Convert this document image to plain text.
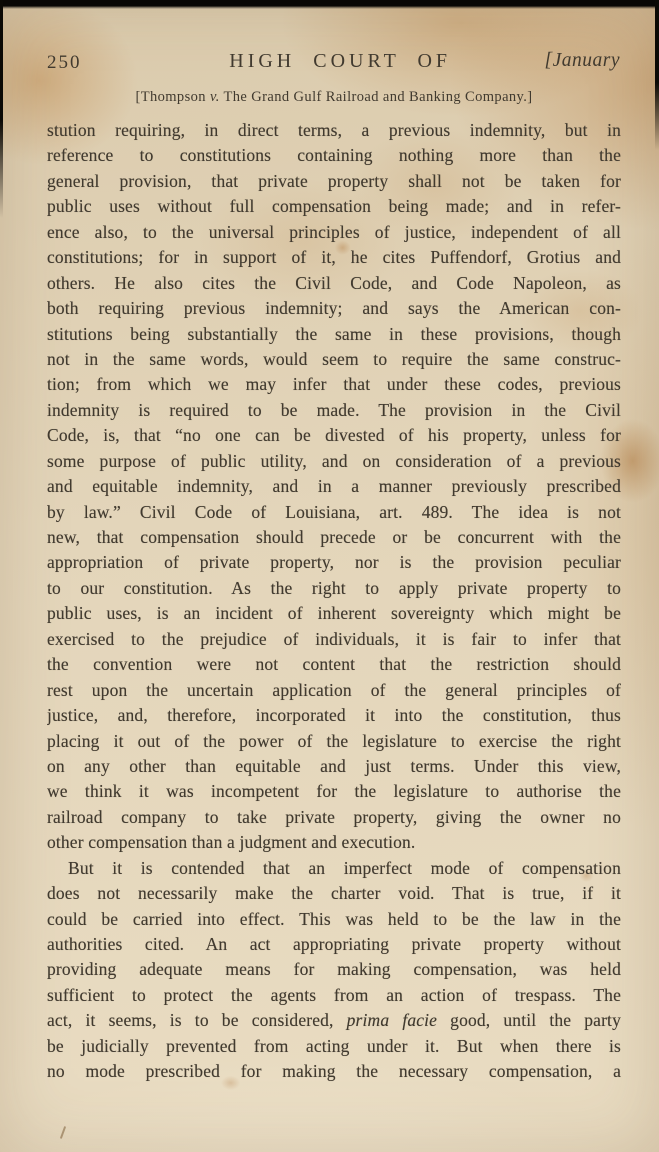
250	HIGH COURT OF	[January
[Thompson v. The Grand Gulf Railroad and Banking Company.]
stution requiring, in direct terms, a previous indemnity, but in
reference to constitutions containing nothing more than the
general provision, that private property shall not be taken for
public uses without full compensation being made; and in refer-
ence also, to the universal principles of justice, independent of all
constitutions; for in support of it, he cites Puffendorf, Grotius and
others. He also cites the Civil Code, and Code Napoleon, as
both requiring previous indemnity; and says the American con-
stitutions being substantially the same in these provisions, though
not in the same words, would seem to require the same construc-
tion; from which we may infer that under these codes, previous
indemnity is required to be made. The provision in the Civil
Code, is, that “no one can be divested of his property, unless for
some purpose of public utility, and on consideration of a previous
and equitable indemnity, and in a manner previously prescribed
by law.” Civil Code of Louisiana, art. 489. The idea is not
new, that compensation should precede or be concurrent with the
appropriation of private property, nor is the provision peculiar
to our constitution. As the right to apply private property to
public uses, is an incident of inherent sovereignty which might be
exercised to the prejudice of individuals, it is fair to infer that
the convention were not content that the restriction should
rest upon the uncertain application of the general principles of
justice, and, therefore, incorporated it into the constitution, thus
placing it out of the power of the legislature to exercise the right
on any other than equitable and just terms. Under this view,
we think it was incompetent for the legislature to authorise the
railroad company to take private property, giving the owner no
other compensation than a judgment and execution.
But it is contended that an imperfect mode of compensation
does not necessarily make the charter void. That is true, if it
could be carried into effect. This was held to be the law in the
authorities cited. An act appropriating private property without
providing adequate means for making compensation, was held
sufficient to protect the agents from an action of trespass. The
act, it seems, is to be considered, prima facie good, until the party
be judicially prevented from acting under it. But when there is
no mode prescribed for making the necessary compensation, a
